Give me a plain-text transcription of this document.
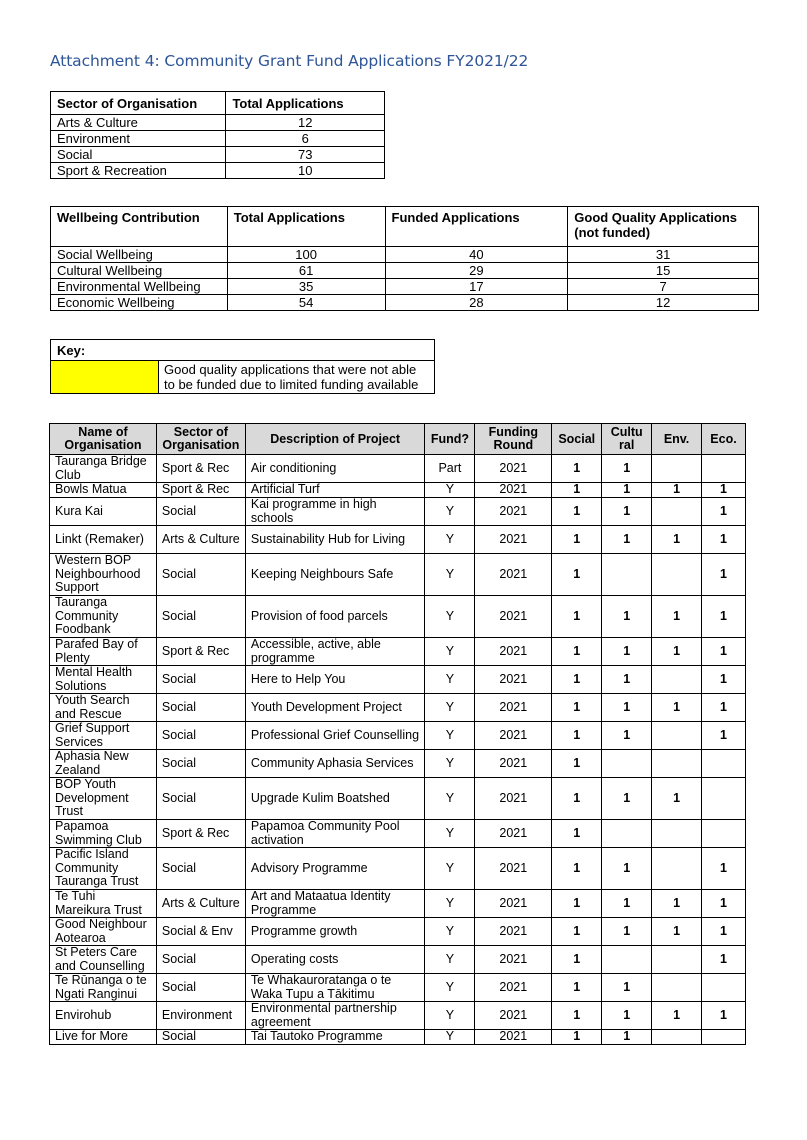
Attachment 4: Community Grant Fund Applications FY2021/22
Sector of Organisation	Total Applications
Arts & Culture	12
Environment	6
Social	73
Sport & Recreation	10
Wellbeing Contribution	Total Applications	Funded Applications	Good Quality Applications (not funded)
Social Wellbeing	100	40	31
Cultural Wellbeing	61	29	15
Environmental Wellbeing	35	17	7
Economic Wellbeing	54	28	12
Key:
	Good quality applications that were not able to be funded due to limited funding available
Name of Organisation	Sector of Organisation	Description of Project	Fund?	Funding Round	Social	Cultu ral	Env.	Eco.
Tauranga Bridge Club	Sport & Rec	Air conditioning	Part	2021	1	1		
Bowls Matua	Sport & Rec	Artificial Turf	Y	2021	1	1	1	1
Kura Kai	Social	Kai programme in high schools	Y	2021	1	1		1
Linkt (Remaker)	Arts & Culture	Sustainability Hub for Living	Y	2021	1	1	1	1
Western BOP Neighbourhood Support	Social	Keeping Neighbours Safe	Y	2021	1			1
Tauranga Community Foodbank	Social	Provision of food parcels	Y	2021	1	1	1	1
Parafed Bay of Plenty	Sport & Rec	Accessible, active, able programme	Y	2021	1	1	1	1
Mental Health Solutions	Social	Here to Help You	Y	2021	1	1		1
Youth Search and Rescue	Social	Youth Development Project	Y	2021	1	1	1	1
Grief Support Services	Social	Professional Grief Counselling	Y	2021	1	1		1
Aphasia New Zealand	Social	Community Aphasia Services	Y	2021	1			
BOP Youth Development Trust	Social	Upgrade Kulim Boatshed	Y	2021	1	1	1	
Papamoa Swimming Club	Sport & Rec	Papamoa Community Pool activation	Y	2021	1			
Pacific Island Community Tauranga Trust	Social	Advisory Programme	Y	2021	1	1		1
Te Tuhi Mareikura Trust	Arts & Culture	Art and Mataatua Identity Programme	Y	2021	1	1	1	1
Good Neighbour Aotearoa	Social & Env	Programme growth	Y	2021	1	1	1	1
St Peters Care and Counselling	Social	Operating costs	Y	2021	1			1
Te Rūnanga o te Ngati Ranginui	Social	Te Whakauroratanga o te Waka Tupu a Tākitimu	Y	2021	1	1		
Envirohub	Environment	Environmental partnership agreement	Y	2021	1	1	1	1
Live for More	Social	Tai Tautoko Programme	Y	2021	1	1		
